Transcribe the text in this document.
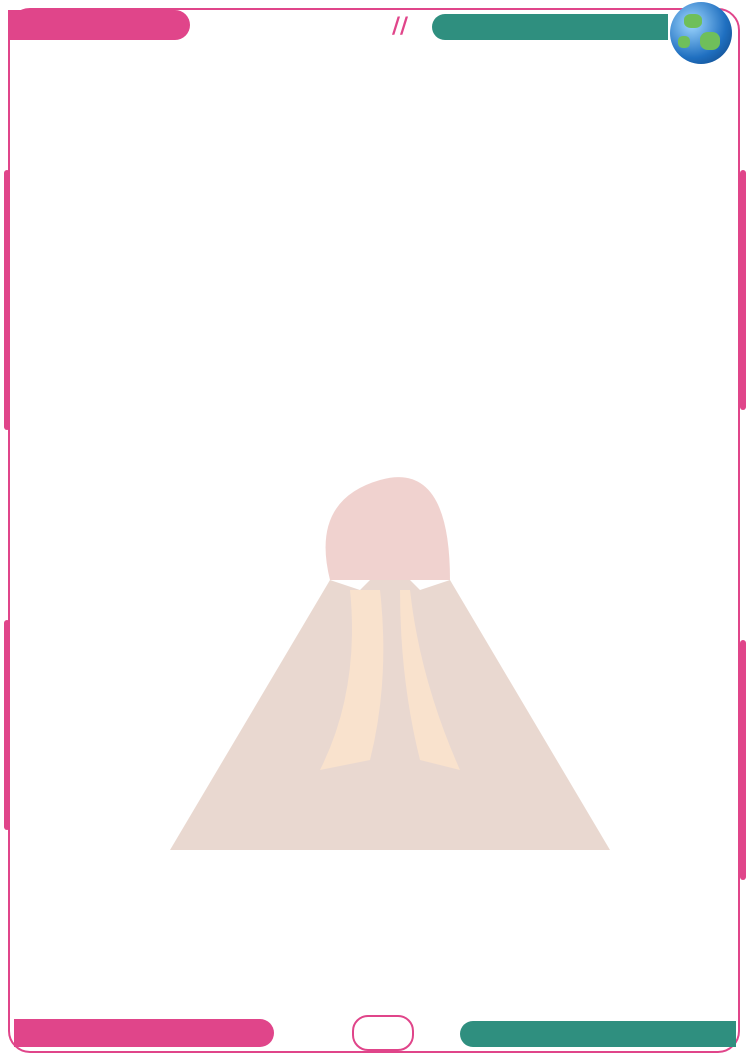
//
